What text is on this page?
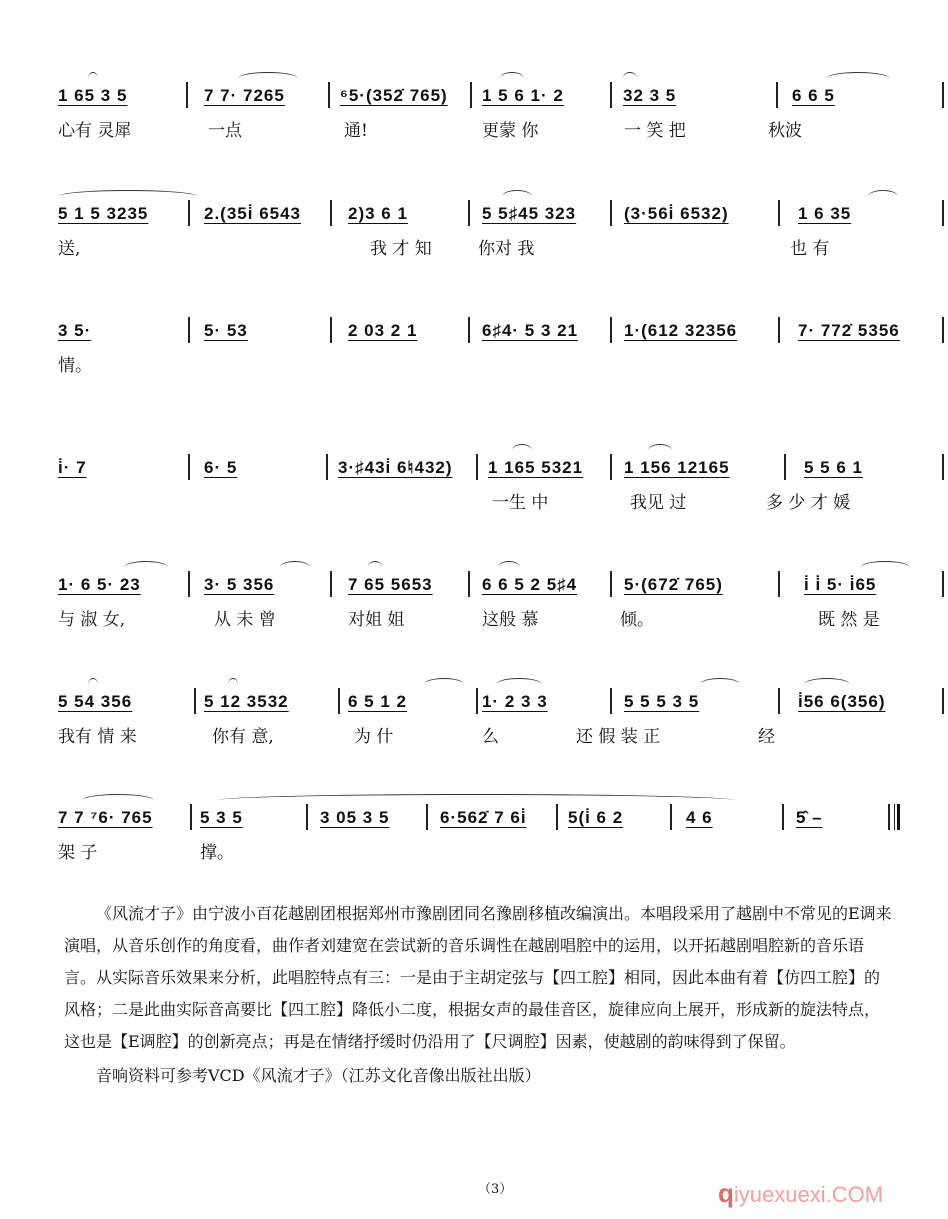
1 65 3 5	7 7· 7265	⁶5·(352̇ 765) 1 5 6 1· 2	32 3 5	6 6 5
心有 灵犀	一点	通!	更蒙 你	一 笑 把	秋波
5 1 5 3235	2.(35i̇ 6543	2)3 6 1	5 5♯45 323	(3·56i̇ 6532)	1 6 35
送,	我 才 知	你对 我	也 有
3 5·	5· 53	2 03 2 1	6♯4· 5 3 21	1·(612 32356	7· 772̇ 5356
情。
i̇· 7	6· 5	3·♯43i̇ 6♮432) 1 165 5321 1 156 12165	5 5 6 1
一生 中	我见 过	多 少 才 媛
1· 6 5· 23	3· 5 356	7 65 5653	6 6 5 2 5♯4	5·(672̇ 765)	i̇ i̇ 5· i̇65
与 淑 女,	从 未 曾	对姐 姐	这般 慕	倾。	既 然 是
5 54 356	5 12 3532	6 5 1 2	1· 2 3 3	5 5 5 3 5	i̇56 6(356)
我有 情 来	你有 意,	为 什	么	还 假 装 正	经
7 7 ⁷6· 765	5 3 5	3 05 3 5	6·562̇ 7 6i̇ 5(i̇ 6 2	4 6	5̂ –
架 子	撑。

《风流才子》由宁波小百花越剧团根据郑州市豫剧团同名豫剧移植改编演出。本唱段采用了越剧中不常见的E调来演唱，从音乐创作的角度看，曲作者刘建宽在尝试新的音乐调性在越剧唱腔中的运用，以开拓越剧唱腔新的音乐语言。从实际音乐效果来分析，此唱腔特点有三：一是由于主胡定弦与【四工腔】相同，因此本曲有着【仿四工腔】的风格；二是此曲实际音高要比【四工腔】降低小二度，根据女声的最佳音区，旋律应向上展开，形成新的旋法特点，这也是【E调腔】的创新亮点；再是在情绪抒缓时仍沿用了【尺调腔】因素，使越剧的韵味得到了保留。

音响资料可参考VCD《风流才子》（江苏文化音像出版社出版）

（3）	qiyuexuexi.COM
